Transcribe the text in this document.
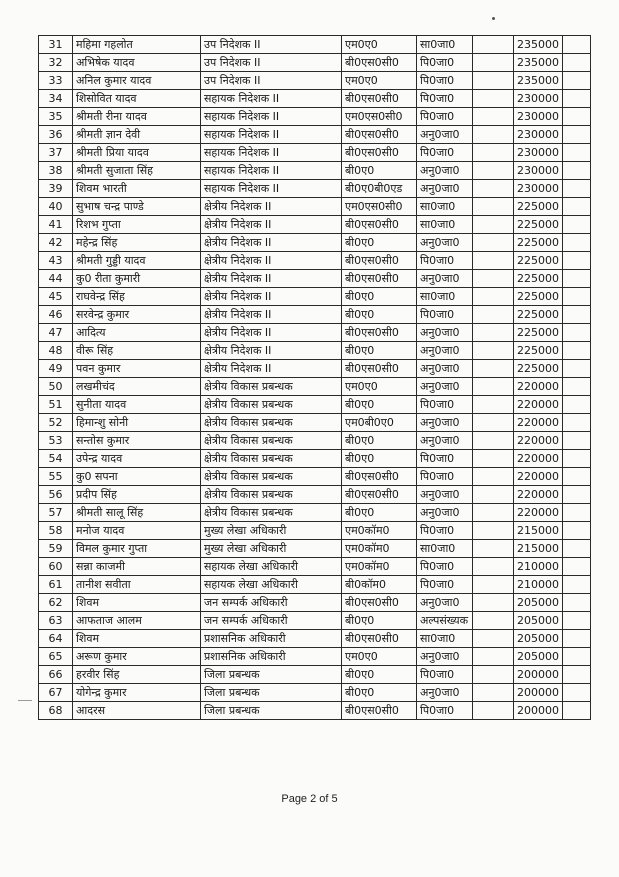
31	महिमा गहलोत	उप निदेशक II	एम0ए0	सा0जा0		235000	
32	अभिषेक यादव	उप निदेशक II	बी0एस0सी0	पि0जा0		235000	
33	अनिल कुमार यादव	उप निदेशक II	एम0ए0	पि0जा0		235000	
34	शिसोवित यादव	सहायक निदेशक II	बी0एस0सी0	पि0जा0		230000	
35	श्रीमती रीना यादव	सहायक निदेशक II	एम0एस0सी0	पि0जा0		230000	
36	श्रीमती ज्ञान देवी	सहायक निदेशक II	बी0एस0सी0	अनु0जा0		230000	
37	श्रीमती प्रिया यादव	सहायक निदेशक II	बी0एस0सी0	पि0जा0		230000	
38	श्रीमती सुजाता सिंह	सहायक निदेशक II	बी0ए0	अनु0जा0		230000	
39	शिवम भारती	सहायक निदेशक II	बी0ए0बी0एड	अनु0जा0		230000	
40	सुभाष चन्द्र पाण्डे	क्षेत्रीय निदेशक II	एम0एस0सी0	सा0जा0		225000	
41	रिशभ गुप्ता	क्षेत्रीय निदेशक II	बी0एस0सी0	सा0जा0		225000	
42	महेन्द्र सिंह	क्षेत्रीय निदेशक II	बी0ए0	अनु0जा0		225000	
43	श्रीमती गुड्डी यादव	क्षेत्रीय निदेशक II	बी0एस0सी0	पि0जा0		225000	
44	कु0 रीता कुमारी	क्षेत्रीय निदेशक II	बी0एस0सी0	अनु0जा0		225000	
45	राघवेन्द्र सिंह	क्षेत्रीय निदेशक II	बी0ए0	सा0जा0		225000	
46	सरवेन्द्र कुमार	क्षेत्रीय निदेशक II	बी0ए0	पि0जा0		225000	
47	आदित्य	क्षेत्रीय निदेशक II	बी0एस0सी0	अनु0जा0		225000	
48	वीरू सिंह	क्षेत्रीय निदेशक II	बी0ए0	अनु0जा0		225000	
49	पवन कुमार	क्षेत्रीय निदेशक II	बी0एस0सी0	अनु0जा0		225000	
50	लखमीचंद	क्षेत्रीय विकास प्रबन्धक	एम0ए0	अनु0जा0		220000	
51	सुनीता यादव	क्षेत्रीय विकास प्रबन्धक	बी0ए0	पि0जा0		220000	
52	हिमान्शु सोनी	क्षेत्रीय विकास प्रबन्धक	एम0बी0ए0	अनु0जा0		220000	
53	सन्तोस कुमार	क्षेत्रीय विकास प्रबन्धक	बी0ए0	अनु0जा0		220000	
54	उपेन्द्र यादव	क्षेत्रीय विकास प्रबन्धक	बी0ए0	पि0जा0		220000	
55	कु0 सपना	क्षेत्रीय विकास प्रबन्धक	बी0एस0सी0	पि0जा0		220000	
56	प्रदीप सिंह	क्षेत्रीय विकास प्रबन्धक	बी0एस0सी0	अनु0जा0		220000	
57	श्रीमती सालू सिंह	क्षेत्रीय विकास प्रबन्धक	बी0ए0	अनु0जा0		220000	
58	मनोज यादव	मुख्य लेखा अधिकारी	एम0कॉम0	पि0जा0		215000	
59	विमल कुमार गुप्ता	मुख्य लेखा अधिकारी	एम0कॉम0	सा0जा0		215000	
60	सन्ना काजमी	सहायक लेखा अधिकारी	एम0कॉम0	पि0जा0		210000	
61	तानीश सवीता	सहायक लेखा अधिकारी	बी0कॉम0	पि0जा0		210000	
62	शिवम	जन सम्पर्क अधिकारी	बी0एस0सी0	अनु0जा0		205000	
63	आफताज आलम	जन सम्पर्क अधिकारी	बी0ए0	अल्पसंख्यक		205000	
64	शिवम	प्रशासनिक अधिकारी	बी0एस0सी0	सा0जा0		205000	
65	अरूण कुमार	प्रशासनिक अधिकारी	एम0ए0	अनु0जा0		205000	
66	हरवीर सिंह	जिला प्रबन्धक	बी0ए0	पि0जा0		200000	
67	योगेन्द्र कुमार	जिला प्रबन्धक	बी0ए0	अनु0जा0		200000	
68	आदरस	जिला प्रबन्धक	बी0एस0सी0	पि0जा0		200000	
Page 2 of 5
